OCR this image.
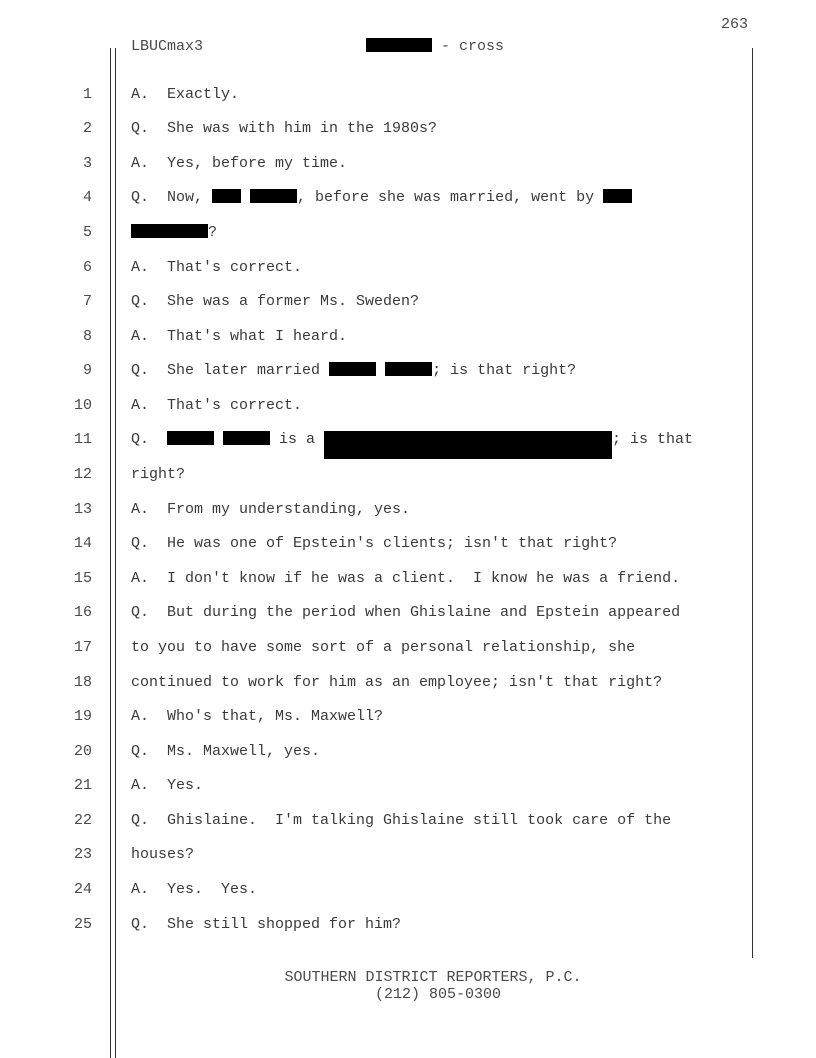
263
LBUCmax3	- cross
1	A.  Exactly.
2	Q.  She was with him in the 1980s?
3	A.  Yes, before my time.
4	Q.  Now,	, before she was married, went by
5	?
6	A.  That's correct.
7	Q.  She was a former Ms. Sweden?
8	A.  That's what I heard.
9	Q.  She later married	; is that right?
10	A.  That's correct.
11	Q.	is a	; is that
12	right?
13	A.  From my understanding, yes.
14	Q.  He was one of Epstein's clients; isn't that right?
15	A.  I don't know if he was a client.  I know he was a friend.
16	Q.  But during the period when Ghislaine and Epstein appeared
17	to you to have some sort of a personal relationship, she
18	continued to work for him as an employee; isn't that right?
19	A.  Who's that, Ms. Maxwell?
20	Q.  Ms. Maxwell, yes.
21	A.  Yes.
22	Q.  Ghislaine.  I'm talking Ghislaine still took care of the
23	houses?
24	A.  Yes.  Yes.
25	Q.  She still shopped for him?
SOUTHERN DISTRICT REPORTERS, P.C.
(212) 805-0300
